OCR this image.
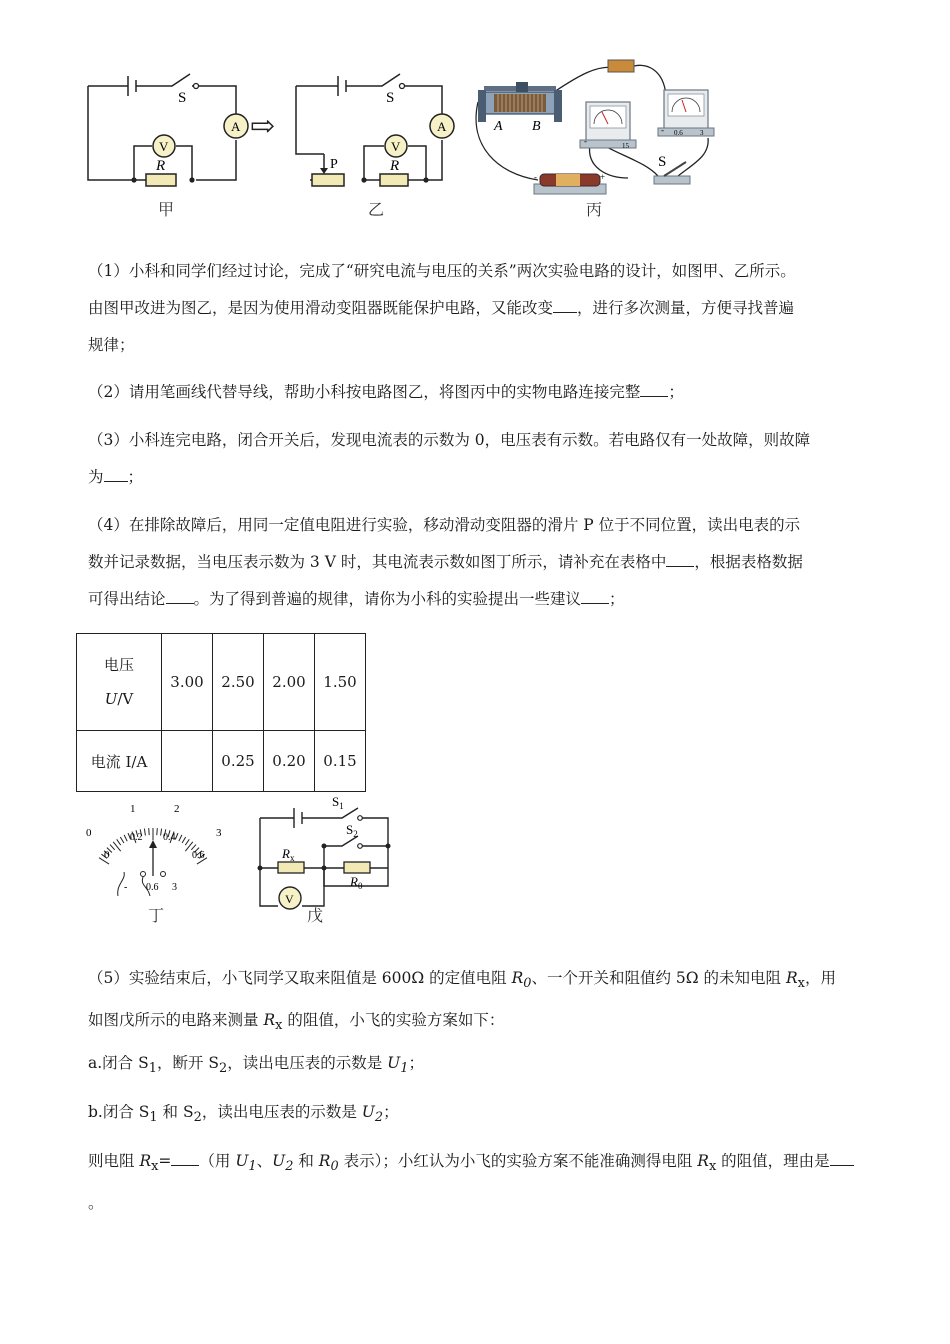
S
V
A
R
甲
⇨
S
P
V
A
R
乙
A B
-	15
- 0.6 3
-	+
S
丙

（1）小科和同学们经过讨论，完成了“研究电流与电压的关系”两次实验电路的设计，如图甲、乙所示。
由图甲改进为图乙，是因为使用滑动变阻器既能保护电路，又能改变 ，进行多次测量，方便寻找普遍
规律；

（2）请用笔画线代替导线，帮助小科按电路图乙，将图丙中的实物电路连接完整 ；

（3）小科连完电路，闭合开关后，发现电流表的示数为 0，电压表有示数。若电路仅有一处故障，则故障
为 ；

（4）在排除故障后，用同一定值电阻进行实验，移动滑动变阻器的滑片 P 位于不同位置，读出电表的示
数并记录数据，当电压表示数为 3 V 时，其电流表示数如图丁所示，请补充在表格中 ，根据表格数据
可得出结论 。为了得到普遍的规律，请你为小科的实验提出一些建议 ；

电压
U/V	3.00	2.50	2.00	1.50
电流 I/A		0.25	0.20	0.15
0
1	2
3
0
0.2 0.4
0.6
- 0.6 3
丁
$S_1$
$S_2$
$R_x$
$R_0$
V
戊

（5）实验结束后，小飞同学又取来阻值是 600Ω 的定值电阻 $R_0$、一个开关和阻值约 5Ω 的未知电阻 $R_x$，用
如图戊所示的电路来测量 $R_x$ 的阻值，小飞的实验方案如下：

a.闭合 $S_1$，断开 $S_2$，读出电压表的示数是 $U_1$；

b.闭合 $S_1$ 和 $S_2$，读出电压表的示数是 $U_2$；

则电阻 $R_x=$ （用 $U_1$、$U_2$ 和 $R_0$ 表示）；小红认为小飞的实验方案不能准确测得电阻 $R_x$ 的阻值，理由是
。
